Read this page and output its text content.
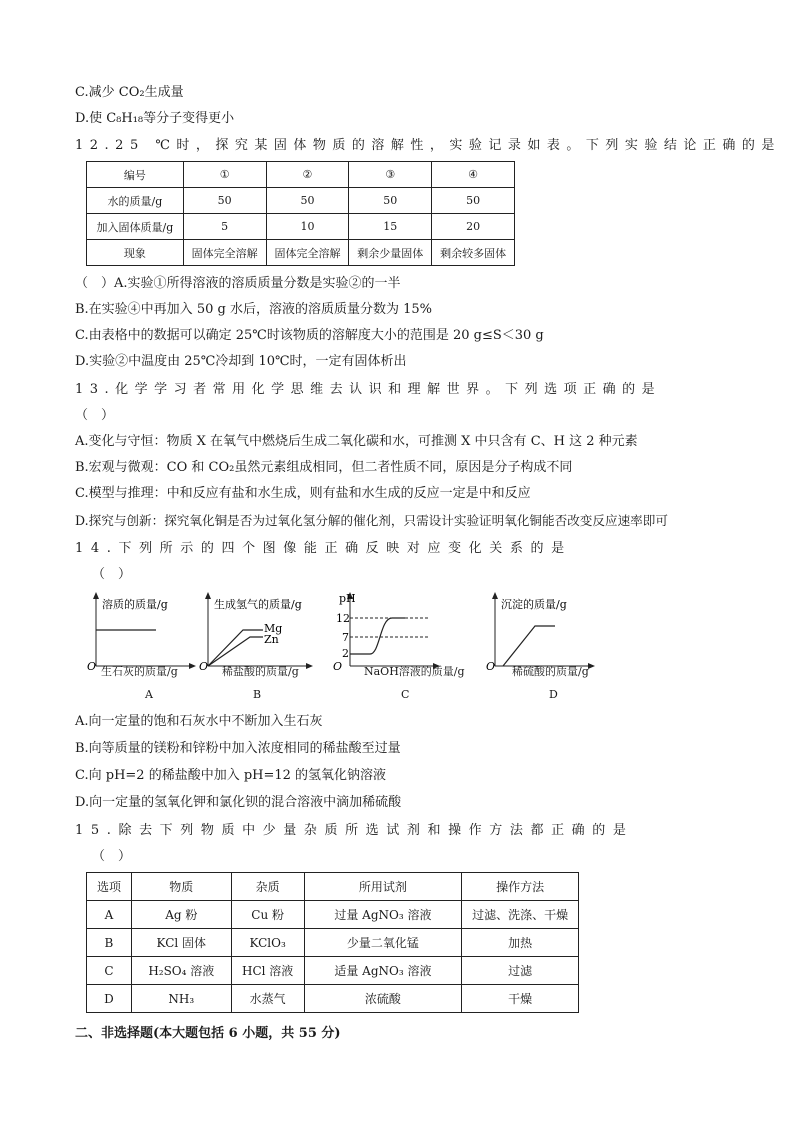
C.减少 CO₂生成量
D.使 C₈H₁₈等分子变得更小
12.25 ℃时，探究某固体物质的溶解性，实验记录如表。下列实验结论正确的是
编号	①	②	③	④
水的质量/g	50	50	50	50
加入固体质量/g	5	10	15	20
现象	固体完全溶解	固体完全溶解	剩余少量固体	剩余较多固体
（　）A.实验①所得溶液的溶质质量分数是实验②的一半
B.在实验④中再加入 50 g 水后，溶液的溶质质量分数为 15%
C.由表格中的数据可以确定 25℃时该物质的溶解度大小的范围是 20 g≤S＜30 g
D.实验②中温度由 25℃冷却到 10℃时，一定有固体析出
13.化学学习者常用化学思维去认识和理解世界。下列选项正确的是
（　）
A.变化与守恒：物质 X 在氧气中燃烧后生成二氧化碳和水，可推测 X 中只含有 C、H 这 2 种元素
B.宏观与微观：CO 和 CO₂虽然元素组成相同，但二者性质不同，原因是分子构成不同
C.模型与推理：中和反应有盐和水生成，则有盐和水生成的反应一定是中和反应
D.探究与创新：探究氧化铜是否为过氧化氢分解的催化剂，只需设计实验证明氧化铜能否改变反应速率即可
14.下列所示的四个图像能正确反映对应变化关系的是
（　）
溶质的质量/g
O 生石灰的质量/g
A
生成氢气的质量/g
Mg
Zn
O 稀盐酸的质量/g
B
pH
12
7
2
O NaOH溶液的质量/g
C
沉淀的质量/g
O 稀硫酸的质量/g
D
A.向一定量的饱和石灰水中不断加入生石灰
B.向等质量的镁粉和锌粉中加入浓度相同的稀盐酸至过量
C.向 pH=2 的稀盐酸中加入 pH=12 的氢氧化钠溶液
D.向一定量的氢氧化钾和氯化钡的混合溶液中滴加稀硫酸
15.除去下列物质中少量杂质所选试剂和操作方法都正确的是
（　）
选项	物质	杂质	所用试剂	操作方法
A	Ag 粉	Cu 粉	过量 AgNO₃ 溶液	过滤、洗涤、干燥
B	KCl 固体	KClO₃	少量二氧化锰	加热
C	H₂SO₄ 溶液	HCl 溶液	适量 AgNO₃ 溶液	过滤
D	NH₃	水蒸气	浓硫酸	干燥
二、非选择题(本大题包括 6 小题，共 55 分)
